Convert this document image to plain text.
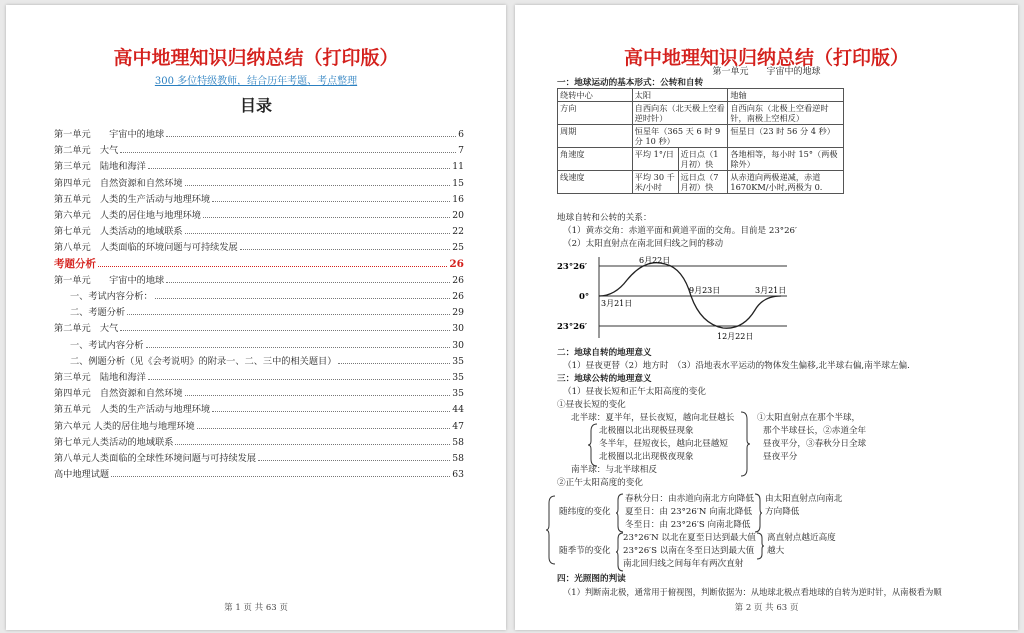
高中地理知识归纳总结（打印版）
300 多位特级教师，结合历年考题、考点整理
目录
第一单元　　宇宙中的地球	6
第二单元　大气	7
第三单元　陆地和海洋	11
第四单元　自然资源和自然环境	15
第五单元　人类的生产活动与地理环境	16
第六单元　人类的居住地与地理环境	20
第七单元　人类活动的地域联系	22
第八单元　人类面临的环境问题与可持续发展	25
考题分析	26
第一单元　　宇宙中的地球	26
一、考试内容分析：	26
二、考题分析	29
第二单元　大气	30
一、考试内容分析	30
二、例题分析（见《会考说明》的附录一、二、三中的相关题目）	35
第三单元　陆地和海洋	35
第四单元　自然资源和自然环境	35
第五单元　人类的生产活动与地理环境	44
第六单元 人类的居住地与地理环境	47
第七单元人类活动的地域联系	58
第八单元人类面临的全球性环境问题与可持续发展	58
高中地理试题	63
第 1 页 共 63 页
高中地理知识归纳总结（打印版）
第一单元　　宇宙中的地球
一：地球运动的基本形式：公转和自转
绕转中心	太阳		地轴
方向	自西向东（北天极上空看逆时针）		自西向东（北极上空看逆时针，南极上空相反）
周期	恒星年（365 天 6 时 9 分 10 秒）		恒星日（23 时 56 分 4 秒）
角速度	平均 1°/日	近日点（1月初）快	各地相等，每小时 15°（两极除外）
线速度	平均 30 千米/小时	远日点（7月初）快	从赤道向两极递减，赤道 1670KM/小时,两极为 0.
地球自转和公转的关系：
（1）黄赤交角：赤道平面和黄道平面的交角。目前是 23°26′
（2）太阳直射点在南北回归线之间的移动
23°26′
0°
23°26′
6月22日
3月21日
9月23日	3月21日
12月22日
二：地球自转的地理意义
（1）昼夜更替（2）地方时　（3）沿地表水平运动的物体发生偏移,北半球右偏,南半球左偏.
三：地球公转的地理意义
（1）昼夜长短和正午太阳高度的变化
①昼夜长短的变化
北半球：夏半年，昼长夜短，越向北昼越长
北极圈以北出现极昼现象
冬半年，昼短夜长，越向北昼越短
北极圈以北出现极夜现象
南半球：与北半球相反
①太阳直射点在那个半球，
那个半球昼长，②赤道全年
昼夜平分，③春秋分日全球
昼夜平分
②正午太阳高度的变化
随纬度的变化
春秋分日：由赤道向南北方向降低
夏至日：由 23°26′N 向南北降低
冬至日：由 23°26′S 向南北降低
由太阳直射点向南北
方向降低
随季节的变化
23°26′N 以北在夏至日达到最大值
23°26′S 以南在冬至日达到最大值
南北回归线之间每年有两次直射
离直射点越近高度
越大
四：光照图的判读
（1）判断南北极，通常用于俯视图，判断依据为：从地球北极点看地球的自转为逆时针，从南极看为顺
第 2 页 共 63 页
